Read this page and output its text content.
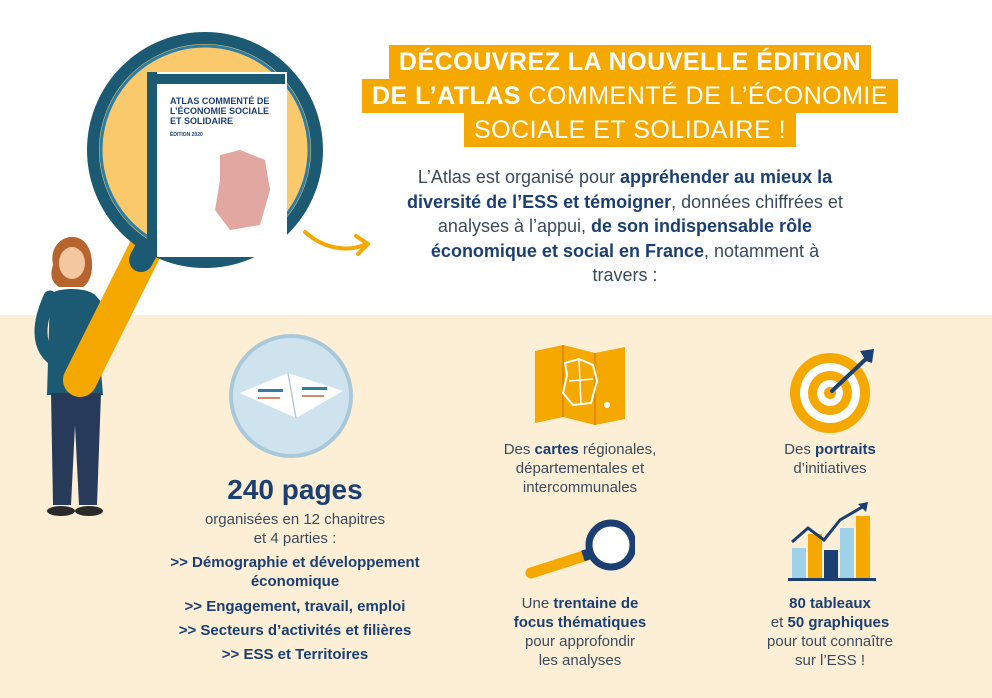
DÉCOUVREZ LA NOUVELLE ÉDITION

DE L’ATLAS COMMENTÉ DE L’ÉCONOMIE

SOCIALE ET SOLIDAIRE !

L’Atlas est organisé pour appréhender au mieux la diversité de l’ESS et témoigner, données chiffrées et analyses à l’appui, de son indispensable rôle économique et social en France, notamment à travers :
ATLAS COMMENTÉ DE L’ÉCONOMIE SOCIALE ET SOLIDAIRE
ÉDITION 2020
240 pages
organisées en 12 chapitres
et 4 parties :
>> Démographie et développement
économique
>> Engagement, travail, emploi
>> Secteurs d’activités et filières
>> ESS et Territoires
Des cartes régionales,
départementales et
intercommunales
Des portraits
d’initiatives
Une trentaine de
focus thématiques
pour approfondir
les analyses
80 tableaux
et 50 graphiques
pour tout connaître
sur l’ESS !
